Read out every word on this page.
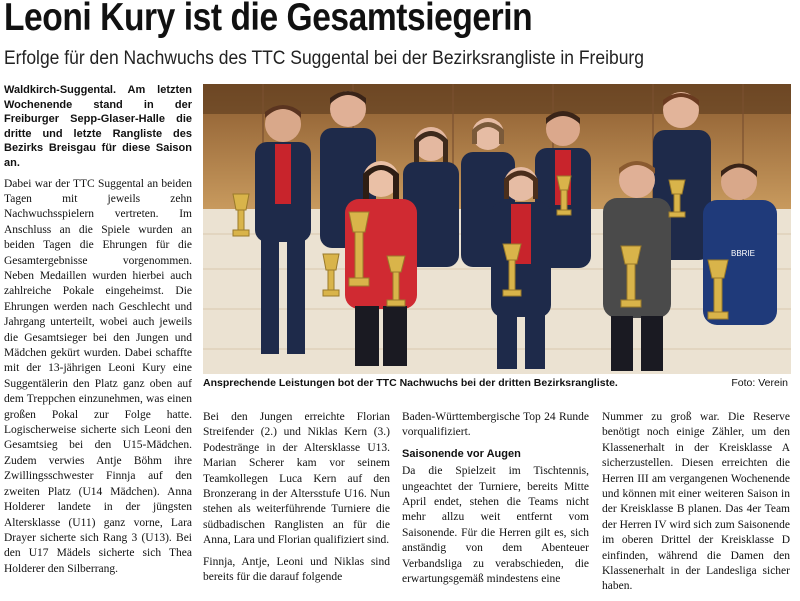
Leoni Kury ist die Gesamtsiegerin
Erfolge für den Nachwuchs des TTC Suggental bei der Bezirksrangliste in Freiburg

Waldkirch-Suggental. Am letzten Wochenende stand in der Freiburger Sepp-Glaser-Halle die dritte und letzte Rangliste des Bezirks Breisgau für diese Saison an.

Dabei war der TTC Suggental an beiden Tagen mit jeweils zehn Nachwuchsspielern vertreten. Im Anschluss an die Spiele wurden an beiden Tagen die Ehrungen für die Gesamtergebnisse vorgenommen. Neben Medaillen wurden hierbei auch zahlreiche Pokale eingeheimst. Die Ehrungen werden nach Geschlecht und Jahrgang unterteilt, wobei auch jeweils die Gesamtsieger bei den Jungen und Mädchen gekürt wurden. Dabei schaffte mit der 13-jährigen Leoni Kury eine Suggentälerin den Platz ganz oben auf dem Treppchen einzunehmen, was einen großen Pokal zur Folge hatte. Logischerweise sicherte sich Leoni den Gesamtsieg bei den U15-Mädchen. Zudem verwies Antje Böhm ihre Zwillingsschwester Finnja auf den zweiten Platz (U14 Mädchen). Anna Holderer landete in der jüngsten Altersklasse (U11) ganz vorne, Lara Drayer sicherte sich Rang 3 (U13). Bei den U17 Mädels sicherte sich Thea Holderer den Silberrang.

BBRIE
Ansprechende Leistungen bot der TTC Nachwuchs bei der dritten Bezirksrangliste.	Foto: Verein

Bei den Jungen erreichte Florian Streifender (2.) und Niklas Kern (3.) Podestränge in der Altersklasse U13. Marian Scherer kam vor seinem Teamkollegen Luca Kern auf den Bronzerang in der Altersstufe U16. Nun stehen als weiterführende Turniere die südbadischen Ranglisten an für die Anna, Lara und Florian qualifiziert sind.

Finnja, Antje, Leoni und Niklas sind bereits für die darauf folgende

Baden-Württembergische Top 24 Runde vorqualifiziert.

Saisonende vor Augen

Da die Spielzeit im Tischtennis, ungeachtet der Turniere, bereits Mitte April endet, stehen die Teams nicht mehr allzu weit entfernt vom Saisonende. Für die Herren gilt es, sich anständig von dem Abenteuer Verbandsliga zu verabschieden, die erwartungsgemäß mindestens eine

Nummer zu groß war. Die Reserve benötigt noch einige Zähler, um den Klassenerhalt in der Kreisklasse A sicherzustellen. Diesen erreichten die Herren III am vergangenen Wochenende und können mit einer weiteren Saison in der Kreisklasse B planen. Das 4er Team der Herren IV wird sich zum Saisonende im oberen Drittel der Kreisklasse D einfinden, während die Damen den Klassenerhalt in der Landesliga sicher haben.
